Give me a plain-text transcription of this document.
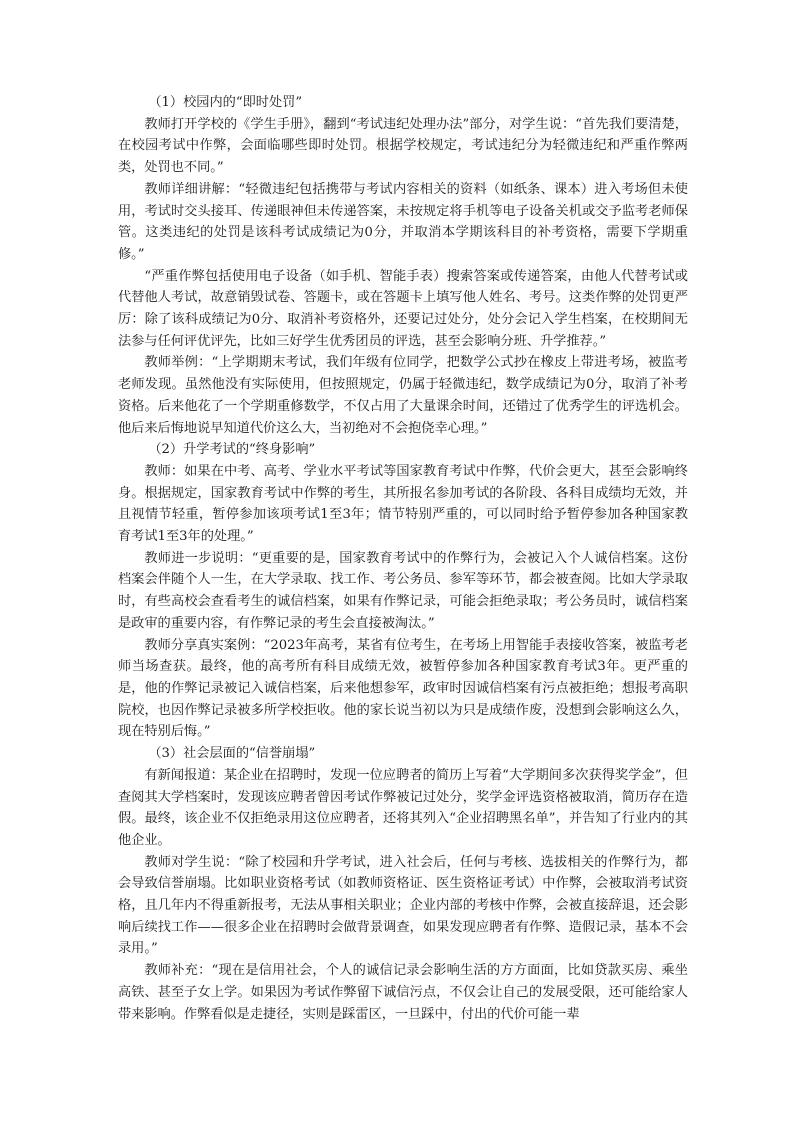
（1）校园内的“即时处罚”

教师打开学校的《学生手册》，翻到“考试违纪处理办法”部分，对学生说：“首先我们要清楚，在校园考试中作弊，会面临哪些即时处罚。根据学校规定，考试违纪分为轻微违纪和严重作弊两类，处罚也不同。”

教师详细讲解：“轻微违纪包括携带与考试内容相关的资料（如纸条、课本）进入考场但未使用，考试时交头接耳、传递眼神但未传递答案，未按规定将手机等电子设备关机或交予监考老师保管。这类违纪的处罚是该科考试成绩记为0分，并取消本学期该科目的补考资格，需要下学期重修。”

“严重作弊包括使用电子设备（如手机、智能手表）搜索答案或传递答案，由他人代替考试或代替他人考试，故意销毁试卷、答题卡，或在答题卡上填写他人姓名、考号。这类作弊的处罚更严厉：除了该科成绩记为0分、取消补考资格外，还要记过处分，处分会记入学生档案，在校期间无法参与任何评优评先，比如三好学生优秀团员的评选，甚至会影响分班、升学推荐。”

教师举例：“上学期期末考试，我们年级有位同学，把数学公式抄在橡皮上带进考场，被监考老师发现。虽然他没有实际使用，但按照规定，仍属于轻微违纪，数学成绩记为0分，取消了补考资格。后来他花了一个学期重修数学，不仅占用了大量课余时间，还错过了优秀学生的评选机会。他后来后悔地说早知道代价这么大，当初绝对不会抱侥幸心理。”

（2）升学考试的“终身影响”

教师：如果在中考、高考、学业水平考试等国家教育考试中作弊，代价会更大，甚至会影响终身。根据规定，国家教育考试中作弊的考生，其所报名参加考试的各阶段、各科目成绩均无效，并且视情节轻重，暂停参加该项考试1至3年；情节特别严重的，可以同时给予暂停参加各种国家教育考试1至3年的处理。”

教师进一步说明：“更重要的是，国家教育考试中的作弊行为，会被记入个人诚信档案。这份档案会伴随个人一生，在大学录取、找工作、考公务员、参军等环节，都会被查阅。比如大学录取时，有些高校会查看考生的诚信档案，如果有作弊记录，可能会拒绝录取；考公务员时，诚信档案是政审的重要内容，有作弊记录的考生会直接被淘汰。”

教师分享真实案例：“2023年高考，某省有位考生，在考场上用智能手表接收答案，被监考老师当场查获。最终，他的高考所有科目成绩无效，被暂停参加各种国家教育考试3年。更严重的是，他的作弊记录被记入诚信档案，后来他想参军，政审时因诚信档案有污点被拒绝；想报考高职院校，也因作弊记录被多所学校拒收。他的家长说当初以为只是成绩作废，没想到会影响这么久，现在特别后悔。”

（3）社会层面的“信誉崩塌”

有新闻报道：某企业在招聘时，发现一位应聘者的简历上写着“大学期间多次获得奖学金”，但查阅其大学档案时，发现该应聘者曾因考试作弊被记过处分，奖学金评选资格被取消，简历存在造假。最终，该企业不仅拒绝录用这位应聘者，还将其列入“企业招聘黑名单”，并告知了行业内的其他企业。

教师对学生说：“除了校园和升学考试，进入社会后，任何与考核、选拔相关的作弊行为，都会导致信誉崩塌。比如职业资格考试（如教师资格证、医生资格证考试）中作弊，会被取消考试资格，且几年内不得重新报考，无法从事相关职业；企业内部的考核中作弊，会被直接辞退，还会影响后续找工作——很多企业在招聘时会做背景调查，如果发现应聘者有作弊、造假记录，基本不会录用。”

教师补充：“现在是信用社会，个人的诚信记录会影响生活的方方面面，比如贷款买房、乘坐高铁、甚至子女上学。如果因为考试作弊留下诚信污点，不仅会让自己的发展受限，还可能给家人带来影响。作弊看似是走捷径，实则是踩雷区，一旦踩中，付出的代价可能一辈
